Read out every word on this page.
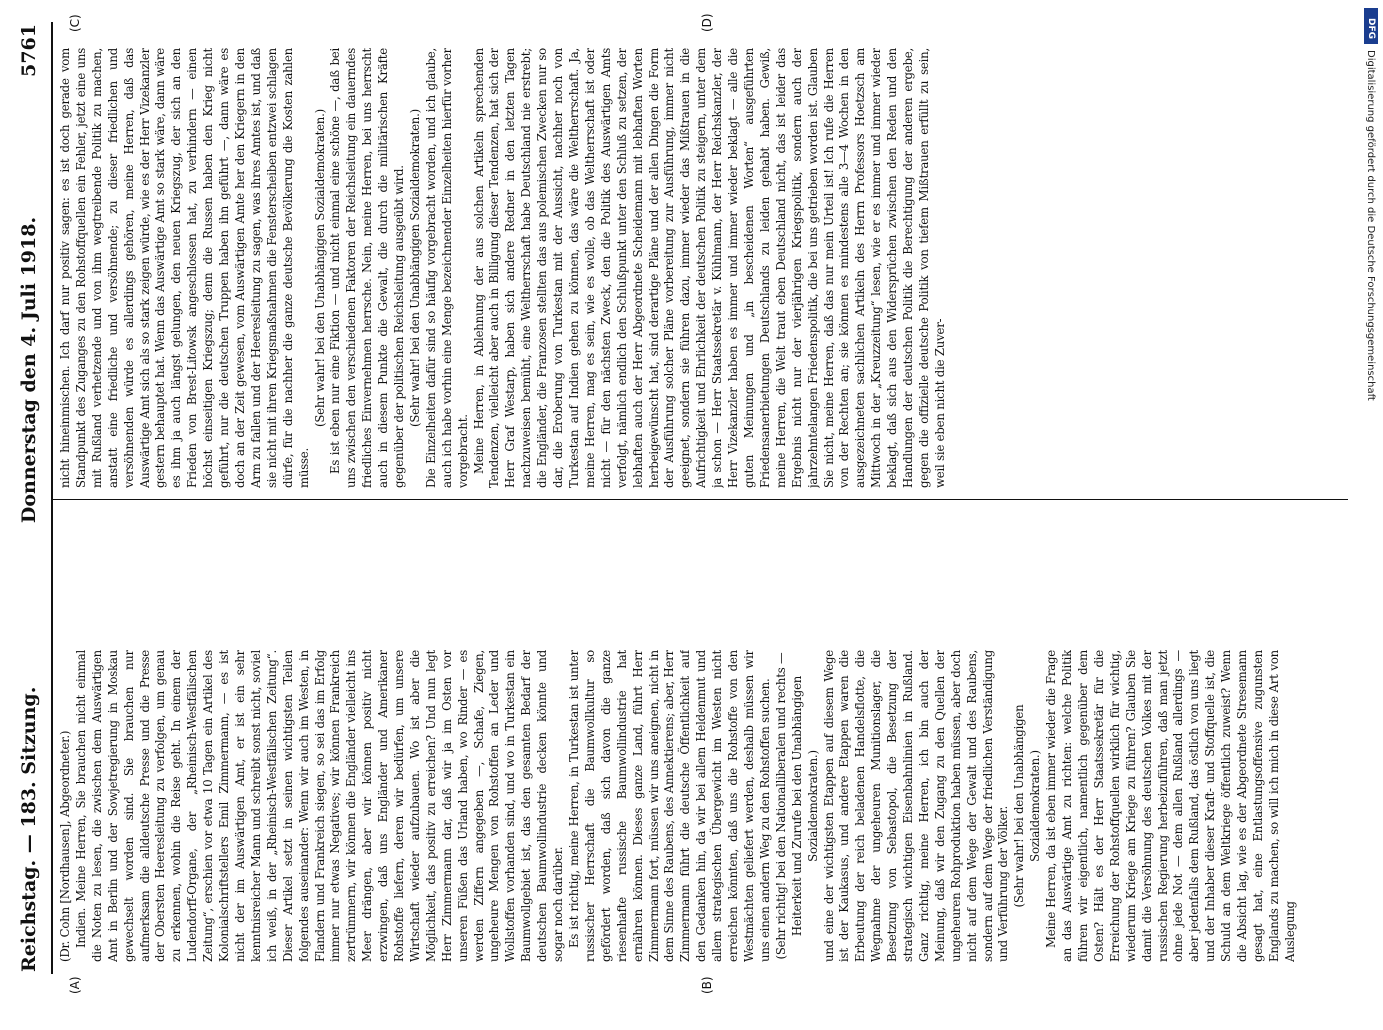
Reichstag. — 183. Sitzung.
Donnerstag den 4. Juli 1918.
5761
(A)	(B)
(C)	(D)

(Dr. Cohn [Nordhausen], Abgeordneter.) Indien. Meine Herren, Sie brauchen nicht einmal die Noten zu lesen, die zwischen dem Auswärtigen Amt in Berlin und der Sowjetregierung in Moskau gewechselt worden sind. Sie brauchen nur aufmerksam die alldeutsche Presse und die Presse der Obersten Heeresleitung zu verfolgen, um genau zu erkennen, wohin die Reise geht. In einem der Ludendorff-Organe, der „Rheinisch-Westfälischen Zeitung“, erschien vor etwa 10 Tagen ein Artikel des Kolonialschriftstellers Emil Zimmermann, — es ist nicht der im Auswärtigen Amt, er ist ein sehr kenntnisreicher Mann und schreibt sonst nicht, soviel ich weiß, in der „Rheinisch-Westfälischen Zeitung“. Dieser Artikel setzt in seinen wichtigsten Teilen folgendes auseinander: Wenn wir auch im Westen, in Flandern und Frankreich siegen, so sei das im Erfolg immer nur etwas Negatives; wir können Frankreich zertrümmern, wir können die Engländer vielleicht ins Meer drängen, aber wir können positiv nicht erzwingen, daß uns Engländer und Amerikaner Rohstoffe liefern, deren wir bedürfen, um unsere Wirtschaft wieder aufzubauen. Wo ist aber die Möglichkeit, das positiv zu erreichen? Und nun legt Herr Zimmermann dar, daß wir ja im Osten vor unseren Füßen das Urland haben, wo Rinder — es werden Ziffern angegeben —, Schafe, Ziegen, ungeheure Mengen von Rohstoffen an Leder und Wollstoffen vorhanden sind, und wo in Turkestan ein Baumwollgebiet ist, das den gesamten Bedarf der deutschen Baumwollindustrie decken könnte und sogar noch darüber. Es ist richtig, meine Herren, in Turkestan ist unter russischer Herrschaft die Baumwollkultur so gefördert worden, daß sich davon die ganze riesenhafte russische Baumwollindustrie hat ernähren können. Dieses ganze Land, führt Herr Zimmermann fort, müssen wir uns aneignen, nicht in dem Sinne des Raubens, des Annektierens; aber, Herr Zimmermann führt die deutsche Öffentlichkeit auf den Gedanken hin, da wir bei allem Heldenmut und allem strategischen Übergewicht im Westen nicht erreichen könnten, daß uns die Rohstoffe von den Westmächten geliefert werden, deshalb müssen wir uns einen andern Weg zu den Rohstoffen suchen. (Sehr richtig! bei den Nationalliberalen und rechts — Heiterkeit und Zurufe bei den Unabhängigen Sozialdemokraten.) und eine der wichtigsten Etappen auf diesem Wege ist der Kaukasus, und andere Etappen waren die Erbeutung der reich beladenen Handelsflotte, die Wegnahme der ungeheuren Munitionslager, die Besetzung von Sebastopol, die Besetzung der strategisch wichtigen Eisenbahnlinien in Rußland. Ganz richtig, meine Herren, ich bin auch der Meinung, daß wir den Zugang zu den Quellen der ungeheuren Rohproduktion haben müssen, aber doch nicht auf dem Wege der Gewalt und des Raubens, sondern auf dem Wege der friedlichen Verständigung und Verführung der Völker. (Sehr wahr! bei den Unabhängigen Sozialdemokraten.) Meine Herren, da ist eben immer wieder die Frage an das Auswärtige Amt zu richten: welche Politik führen wir eigentlich, namentlich gegenüber dem Osten? Hält es der Herr Staatssekretär für die Erreichung der Rohstoffquellen wirklich für wichtig, wiederum Kriege am Kriege zu führen? Glauben Sie damit die Versöhnung des deutschen Volkes mit der russischen Regierung herbeizuführen, daß man jetzt ohne jede Not — dem allen Rußland allerdings — aber jedenfalls dem Rußland, das östlich von uns liegt und der Inhaber dieser Kraft- und Stoffquelle ist, die Schuld an dem Weltkriege öffentlich zuweist? Wenn die Absicht lag, wie es der Abgeordnete Stresemann gesagt hat, eine Entlastungsoffensive zugunsten Englands zu machen, so will ich mich in diese Art von Auslegung

nicht hineinmischen. Ich darf nur positiv sagen: es ist doch gerade vom Standpunkt des Zuganges zu den Rohstoffquellen ein Fehler, jetzt eine uns mit Rußland verhetzende und von ihm wegtreibende Politik zu machen, anstatt eine friedliche und versöhnende; zu dieser friedlichen und versöhnenden würde es allerdings gehören, meine Herren, daß das Auswärtige Amt sich als so stark zeigen würde, wie es der Herr Vizekanzler gestern behauptet hat. Wenn das Auswärtige Amt so stark wäre, dann wäre es ihm ja auch längst gelungen, den neuen Kriegszug, der sich an den Frieden von Brest-Litowsk angeschlossen hat, zu verhindern — einen höchst einseitigen Kriegszug; denn die Russen haben den Krieg nicht geführt, nur die deutschen Truppen haben ihn geführt —, dann wäre es doch an der Zeit gewesen, vom Auswärtigen Amte her den Kriegern in den Arm zu fallen und der Heeresleitung zu sagen, was ihres Amtes ist, und daß sie nicht mit ihren Kriegsmaßnahmen die Fensterscheiben entzwei schlagen dürfe, für die nachher die ganze deutsche Bevölkerung die Kosten zahlen müsse.

(Sehr wahr! bei den Unabhängigen Sozialdemokraten.) Es ist eben nur eine Fiktion — und nicht einmal eine schöne —, daß bei uns zwischen den verschiedenen Faktoren der Reichsleitung ein dauerndes friedliches Einvernehmen herrsche. Nein, meine Herren, bei uns herrscht auch in diesem Punkte die Gewalt, die durch die militärischen Kräfte gegenüber der politischen Reichsleitung ausgeübt wird. (Sehr wahr! bei den Unabhängigen Sozialdemokraten.) Die Einzelheiten dafür sind so häufig vorgebracht worden, und ich glaube, auch ich habe vorhin eine Menge bezeichnender Einzelheiten hierfür vorher vorgebracht. Meine Herren, in Ablehnung der aus solchen Artikeln sprechenden Tendenzen, vielleicht aber auch in Billigung dieser Tendenzen, hat sich der Herr Graf Westarp, haben sich andere Redner in den letzten Tagen nachzuweisen bemüht, eine Weltherrschaft habe Deutschland nie erstrebt; die Engländer, die Franzosen stellten das aus polemischen Zwecken nur so dar, die Eroberung von Turkestan mit der Aussicht, nachher noch von Turkestan auf Indien gehen zu können, das wäre die Weltherrschaft. Ja, meine Herren, mag es sein, wie es wolle, ob das Weltherrschaft ist oder nicht — für den nächsten Zweck, den die Politik des Auswärtigen Amts verfolgt, nämlich endlich den Schlußpunkt unter den Schluß zu setzen, der lebhaften auch der Herr Abgeordnete Scheidemann mit lebhaften Worten herbeigewünscht hat, sind derartige Pläne und der allen Dingen die Form der Ausführung solcher Pläne vorbereitung zur Ausführung, immer nicht geeignet, sondern sie führen dazu, immer wieder das Mißtrauen in die Aufrichtigkeit und Ehrlichkeit der deutschen Politik zu steigern, unter dem ja schon — Herr Staatssekretär v. Kühlmann, der Herr Reichskanzler, der Herr Vizekanzler haben es immer und immer wieder beklagt — alle die guten Meinungen und „in bescheidenen Worten“ ausgeführten Friedensanerbietungen Deutschlands zu leiden gehabt haben. Gewiß, meine Herren, die Welt traut eben Deutschland nicht, das ist leider das Ergebnis nicht nur der vierjährigen Kriegspolitik, sondern auch der jahrzehntelangen Friedenspolitik, die bei uns getrieben worden ist. Glauben Sie nicht, meine Herren, daß das nur mein Urteil ist! Ich rufe die Herren von der Rechten an; sie können es mindestens alle 3—4 Wochen in den ausgezeichneten sachlichen Artikeln des Herrn Professors Hoetzsch am Mittwoch in der „Kreuzzeitung“ lesen, wie er es immer und immer wieder beklagt, daß sich aus den Widersprüchen zwischen den Reden und den Handlungen der deutschen Politik die Berechtigung der anderen ergebe, gegen die offizielle deutsche Politik von tiefem Mißtrauen erfüllt zu sein, weil sie eben nicht die Zuver-

DFG
Digitalisierung gefördert durch die Deutsche Forschungsgemeinschaft
